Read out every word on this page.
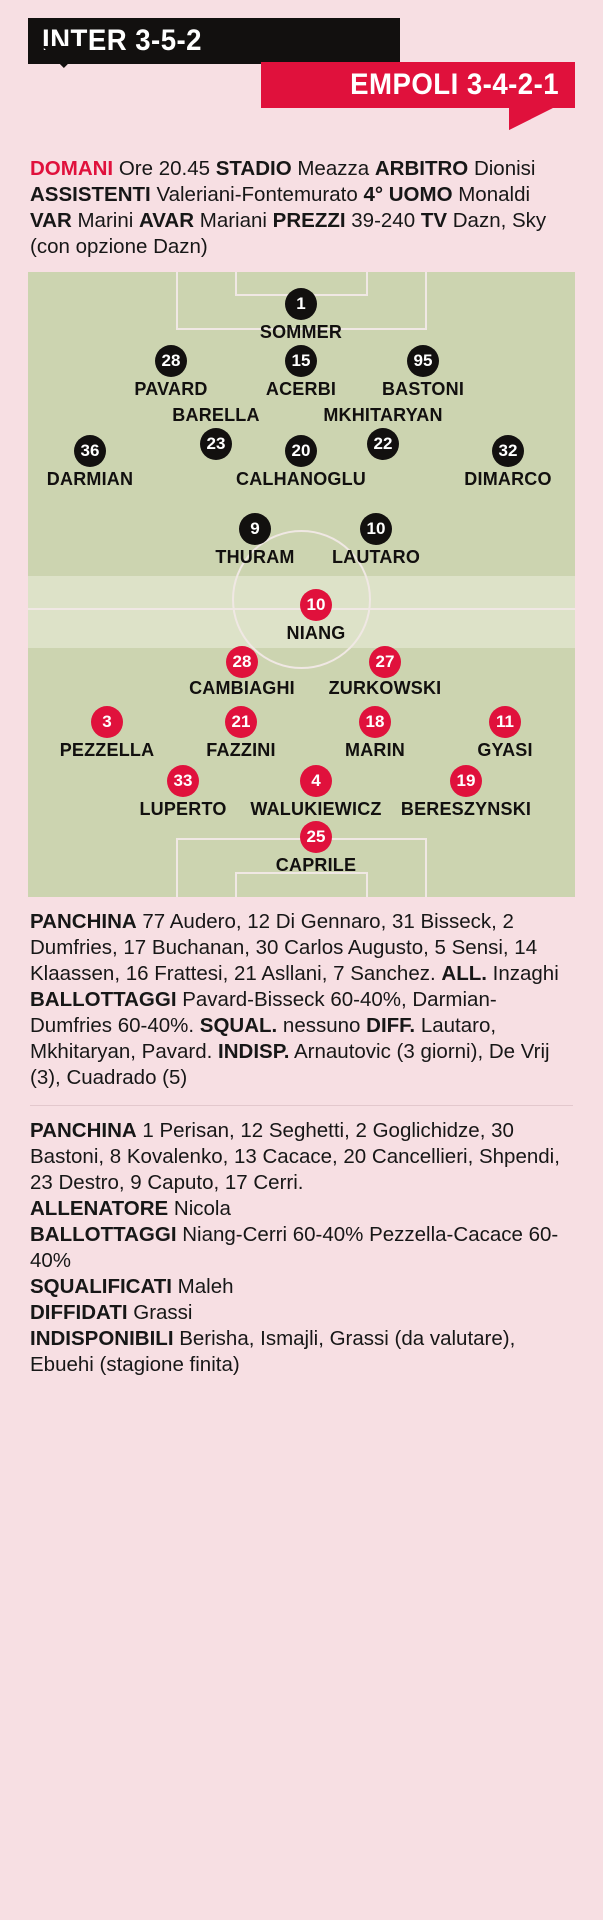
INTER 3-5-2
EMPOLI 3-4-2-1
DOMANI Ore 20.45 STADIO Meazza ARBITRO Dionisi ASSISTENTI Valeriani-Fontemurato 4° UOMO Monaldi VAR Marini AVAR Mariani PREZZI 39-240 TV Dazn, Sky (con opzione Dazn)
1
SOMMER
28
PAVARD
15
ACERBI
95
BASTONI
BARELLA
23
MKHITARYAN
22
36
DARMIAN
20
CALHANOGLU
32
DIMARCO
9
THURAM
10
LAUTARO
10
NIANG
28
CAMBIAGHI
27
ZURKOWSKI
3
PEZZELLA
21
FAZZINI
18
MARIN
11
GYASI
33
LUPERTO
4
WALUKIEWICZ
19
BERESZYNSKI
25
CAPRILE
PANCHINA 77 Audero, 12 Di Gennaro, 31 Bisseck, 2 Dumfries, 17 Buchanan, 30 Carlos Augusto, 5 Sensi, 14 Klaassen, 16 Frattesi, 21 Asllani, 7 Sanchez. ALL. Inzaghi BALLOTTAGGI Pavard-Bisseck 60-40%, Darmian-Dumfries 60-40%. SQUAL. nessuno DIFF. Lautaro, Mkhitaryan, Pavard. INDISP. Arnautovic (3 giorni), De Vrij (3), Cuadrado (5)
PANCHINA 1 Perisan, 12 Seghetti, 2 Goglichidze, 30 Bastoni, 8 Kovalenko, 13 Cacace, 20 Cancellieri, Shpendi, 23 Destro, 9 Caputo, 17 Cerri.
ALLENATORE Nicola
BALLOTTAGGI Niang-Cerri 60-40% Pezzella-Cacace 60-40%
SQUALIFICATI Maleh
DIFFIDATI Grassi
INDISPONIBILI Berisha, Ismajli, Grassi (da valutare), Ebuehi (stagione finita)
